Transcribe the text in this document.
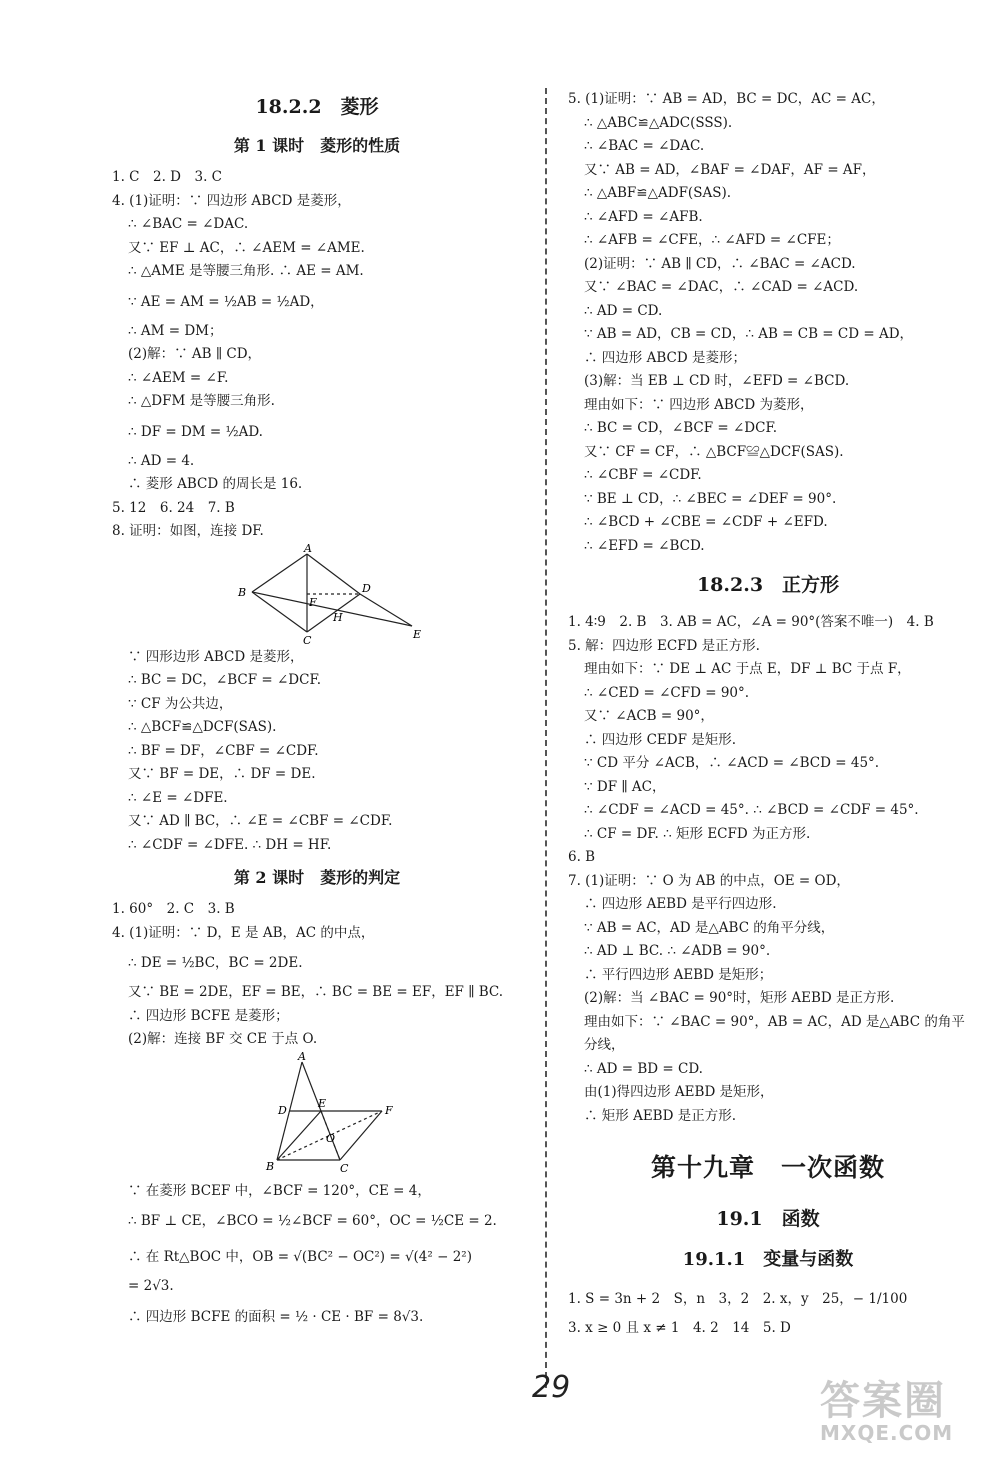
18.2.2　菱形
第 1 课时　菱形的性质
1. C　2. D　3. C
4. (1)证明：∵ 四边形 ABCD 是菱形，
∴ ∠BAC = ∠DAC.
又∵ EF ⊥ AC，∴ ∠AEM = ∠AME.
∴ △AME 是等腰三角形. ∴ AE = AM.
∵ AE = AM = ½AB = ½AD，
∴ AM = DM；
(2)解：∵ AB ∥ CD，
∴ ∠AEM = ∠F.
∴ △DFM 是等腰三角形.
∴ DF = DM = ½AD.
∴ AD = 4.
∴ 菱形 ABCD 的周长是 16.
5. 12　6. 24　7. B
8. 证明：如图，连接 DF.
A
B
F
D
H
C	E
∵ 四形边形 ABCD 是菱形，
∴ BC = DC，∠BCF = ∠DCF.
∵ CF 为公共边，
∴ △BCF≌△DCF(SAS).
∴ BF = DF，∠CBF = ∠CDF.
又∵ BF = DE，∴ DF = DE.
∴ ∠E = ∠DFE.
又∵ AD ∥ BC，∴ ∠E = ∠CBF = ∠CDF.
∴ ∠CDF = ∠DFE. ∴ DH = HF.
第 2 课时　菱形的判定
1. 60°　2. C　3. B
4. (1)证明：∵ D，E 是 AB，AC 的中点，
∴ DE = ½BC，BC = 2DE.
又∵ BE = 2DE，EF = BE，∴ BC = BE = EF，EF ∥ BC.
∴ 四边形 BCFE 是菱形；
(2)解：连接 BF 交 CE 于点 O.
A
D
E
F
O
B	C
∵ 在菱形 BCEF 中，∠BCF = 120°，CE = 4，
∴ BF ⊥ CE，∠BCO = ½∠BCF = 60°，OC = ½CE = 2.
∴ 在 Rt△BOC 中，OB = √(BC² − OC²) = √(4² − 2²)
= 2√3.
∴ 四边形 BCFE 的面积 = ½ · CE · BF = 8√3.
5. (1)证明：∵ AB = AD，BC = DC，AC = AC，
∴ △ABC≌△ADC(SSS).
∴ ∠BAC = ∠DAC.
又∵ AB = AD，∠BAF = ∠DAF，AF = AF，
∴ △ABF≌△ADF(SAS).
∴ ∠AFD = ∠AFB.
∴ ∠AFB = ∠CFE，∴ ∠AFD = ∠CFE；
(2)证明：∵ AB ∥ CD，∴ ∠BAC = ∠ACD.
又∵ ∠BAC = ∠DAC，∴ ∠CAD = ∠ACD.
∴ AD = CD.
∵ AB = AD，CB = CD，∴ AB = CB = CD = AD，
∴ 四边形 ABCD 是菱形；
(3)解：当 EB ⊥ CD 时，∠EFD = ∠BCD.
理由如下：∵ 四边形 ABCD 为菱形，
∴ BC = CD，∠BCF = ∠DCF.
又∵ CF = CF，∴ △BCF≌△DCF(SAS).
∴ ∠CBF = ∠CDF.
∵ BE ⊥ CD，∴ ∠BEC = ∠DEF = 90°.
∴ ∠BCD + ∠CBE = ∠CDF + ∠EFD.
∴ ∠EFD = ∠BCD.
18.2.3　正方形
1. 4∶9　2. B　3. AB = AC，∠A = 90°(答案不唯一)　4. B
5. 解：四边形 ECFD 是正方形.
理由如下：∵ DE ⊥ AC 于点 E，DF ⊥ BC 于点 F，
∴ ∠CED = ∠CFD = 90°.
又∵ ∠ACB = 90°，
∴ 四边形 CEDF 是矩形.
∵ CD 平分 ∠ACB，∴ ∠ACD = ∠BCD = 45°.
∵ DF ∥ AC，
∴ ∠CDF = ∠ACD = 45°. ∴ ∠BCD = ∠CDF = 45°.
∴ CF = DF. ∴ 矩形 ECFD 为正方形.
6. B
7. (1)证明：∵ O 为 AB 的中点，OE = OD，
∴ 四边形 AEBD 是平行四边形.
∵ AB = AC，AD 是△ABC 的角平分线，
∴ AD ⊥ BC. ∴ ∠ADB = 90°.
∴ 平行四边形 AEBD 是矩形；
(2)解：当 ∠BAC = 90°时，矩形 AEBD 是正方形.
理由如下：∵ ∠BAC = 90°，AB = AC，AD 是△ABC 的角平
分线，
∴ AD = BD = CD.
由(1)得四边形 AEBD 是矩形，
∴ 矩形 AEBD 是正方形.
第十九章　一次函数
19.1　函数
19.1.1　变量与函数
1. S = 3n + 2　S，n　3，2　2. x，y　25，− 1/100
3. x ≥ 0 且 x ≠ 1　4. 2　14　5. D
29	答案圈
MXQE.COM
